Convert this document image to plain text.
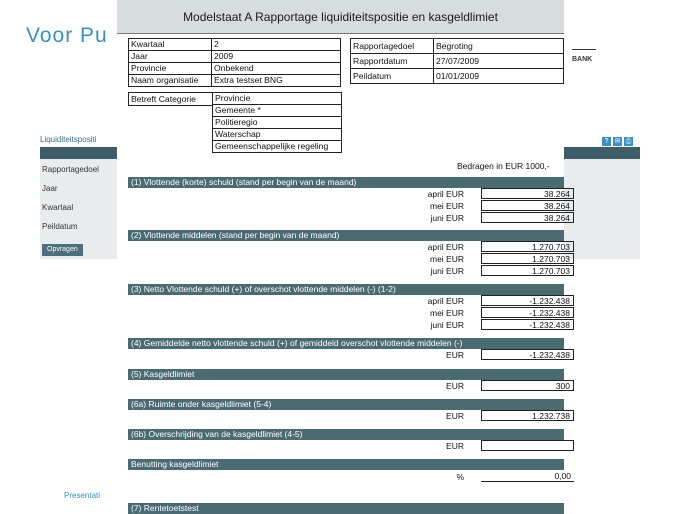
Voor Pu
BANK
Liquiditeitspositi	? ✉ ⎙
Rapportagedoel
Jaar
Kwartaal
Peildatum
Opvragen
Presentati
Modelstaat A Rapportage liquiditeitspositie en kasgeldlimiet
Kwartaal	2
Jaar	2009
Provincie	Onbekend
Naam organisatie	Extra testset BNG
Rapportagedoel	Begroting
Rapportdatum	27/07/2009
Peildatum	01/01/2009
Betreft Categorie	Provincie
Gemeente *
Politieregio
Waterschap
Gemeenschappelijke regeling
Bedragen in EUR 1000,-
(1) Vlottende (korte) schuld (stand per begin van de maand)
april EUR	38.264
mei EUR	38.264
juni EUR	38.264
(2) Vlottende middelen (stand per begin van de maand)
april EUR	1.270.703
mei EUR	1.270.703
juni EUR	1.270.703
(3) Netto Vlottende schuld (+) of overschot vlottende middelen (-) (1-2)
april EUR	-1.232.438
mei EUR	-1.232.438
juni EUR	-1.232.438
(4) Gemiddelde netto vlottende schuld (+) of gemiddeld overschot vlottende middelen (-)
EUR	-1.232.438
(5) Kasgeldlimiet
EUR	300
(6a) Ruimte onder kasgeldlimiet (5-4)
EUR	1.232.738
(6b) Overschrijding van de kasgeldlimiet (4-5)
EUR
Benutting kasgeldlimiet
%	0,00
(7) Rentetoetstest
